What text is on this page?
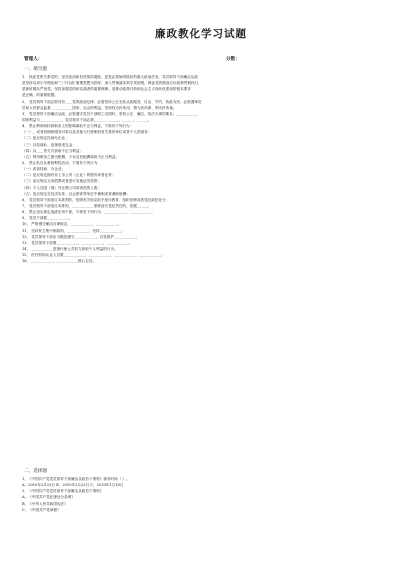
廉政教化学习试题
管理人：	分数：
一、填空题
1、 执政党的关系党的，坚决惩治和有效预防腐败，是党必需始终抓好的重大政治任务。党员领导干部廉洁从政
是坚持以邓小平理论和“三个代表”重要思想为指导，深入贯彻落实科学发展观，保证党的路途方针政策贯彻执行，
是新时期从严治党，坚持加强党的和实践者的重要保障。是推动改革开放和社会主义现代化建设的根本要求
是正确、的重要根据。
2、 党员领导干部必需具有____党的政治纪律，必需坚持公正无私从政服务，自洁、节约、执政为民，必需遵章党
员和人民群众监督____________国家、社会的利益，坚持权为民所用、情为民所系、利为民所谋。
3、 党员领导干部廉洁从政，必需遵守党员干部职工出国时，坚持公正、廉洁、依法办事的要求。____________
国家利益与____________，党员领导干部必需______、______、______、______。
4、 禁止利用职权和职务上的影响谋取不正当利益，不准有下列行为：
（一）、或者管理和服务对象以及其他与行使职权有关系的单位或者个人的财务；
（二）违反规定经商办企业；
（三）以权谋私、违规收受礼金；
（四）以____等方式获取不正当利益；
（五）利用职务之便为配偶、子女及其配偶谋取不正当利益；
5、 禁止私自从事营利性活动，不准有下列行为：
（一）或者经商、办企业；
（二）违反规定拥有非上市公司（企业）的股份或者证券；
（三）违反规定买卖股票或者进行其他证券投资；
（四）个人在国（境）外注册公司或者投资入股；
（五）违反规定在经济实体、社会团体等单位中兼职或者兼职取酬；
6、 党员领导干部违反本准则的，依照有关规定给予批评教育、组织处理或者党纪政纪处分；
7、 党员领导干部违反本准则，____________需要追究党纪责任的，依据______。
8、 禁止违反规定选拔任用干部，不准有下列行为：____________、____________。
9、 党员干部要____________。
10、 严格遵守廉洁自律规定，____________，____________。
11、 坚持民主集中制原则，____________；坚持____________。
12、 党员领导干部应当模范遵守____________，自觉维护____________。
13、 党员领导干部要____________，____________，____________。
14、 ____________是指行使公共权力获取个人利益的行为。
15、 医疗机构从业人员要____________，____________，____________，____________。
16、 ____________、____________核心会员。
二、选择题
1、《中国共产党党员领导干部廉洁从政若干准则》颁布时间（ ）。
A、2010年2月23日 B、2010年2月23日 C、2010年1月18日
2、《中国共产党党员领导干部廉洁从政若干准则》
A、《中国共产党纪律处分条例》
B、《中华人民共和国宪法》
C、《中国共产党章程》
